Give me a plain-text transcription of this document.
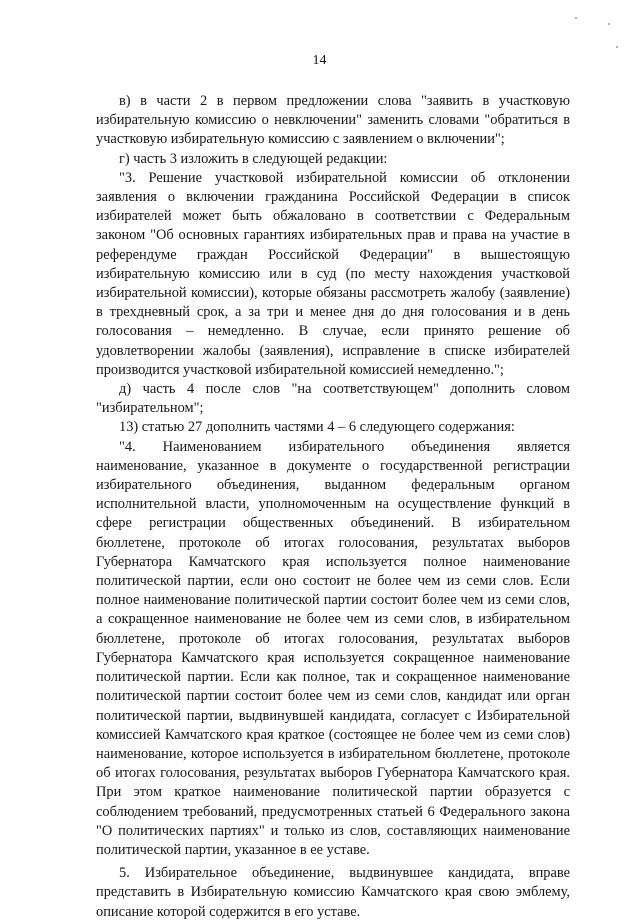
14

в) в части 2 в первом предложении слова "заявить в участковую избирательную комиссию о невключении" заменить словами "обратиться в участковую избирательную комиссию с заявлением о включении";

г) часть 3 изложить в следующей редакции:

"3. Решение участковой избирательной комиссии об отклонении заявления о включении гражданина Российской Федерации в список избирателей может быть обжаловано в соответствии с Федеральным законом "Об основных гарантиях избирательных прав и права на участие в референдуме граждан Российской Федерации" в вышестоящую избирательную комиссию или в суд (по месту нахождения участковой избирательной комиссии), которые обязаны рассмотреть жалобу (заявление) в трехдневный срок, а за три и менее дня до дня голосования и в день голосования – немедленно. В случае, если принято решение об удовлетворении жалобы (заявления), исправление в списке избирателей производится участковой избирательной комиссией немедленно.";

д) часть 4 после слов "на соответствующем" дополнить словом "избирательном";

13) статью 27 дополнить частями 4 – 6 следующего содержания:

"4. Наименованием избирательного объединения является наименование, указанное в документе о государственной регистрации избирательного объединения, выданном федеральным органом исполнительной власти, уполномоченным на осуществление функций в сфере регистрации общественных объединений. В избирательном бюллетене, протоколе об итогах голосования, результатах выборов Губернатора Камчатского края используется полное наименование политической партии, если оно состоит не более чем из семи слов. Если полное наименование политической партии состоит более чем из семи слов, а сокращенное наименование не более чем из семи слов, в избирательном бюллетене, протоколе об итогах голосования, результатах выборов Губернатора Камчатского края используется сокращенное наименование политической партии. Если как полное, так и сокращенное наименование политической партии состоит более чем из семи слов, кандидат или орган политической партии, выдвинувшей кандидата, согласует с Избирательной комиссией Камчатского края краткое (состоящее не более чем из семи слов) наименование, которое используется в избирательном бюллетене, протоколе об итогах голосования, результатах выборов Губернатора Камчатского края. При этом краткое наименование политической партии образуется с соблюдением требований, предусмотренных статьей 6 Федерального закона "О политических партиях" и только из слов, составляющих наименование политической партии, указанное в ее уставе.

5. Избирательное объединение, выдвинувшее кандидата, вправе представить в Избирательную комиссию Камчатского края свою эмблему, описание которой содержится в его уставе.
